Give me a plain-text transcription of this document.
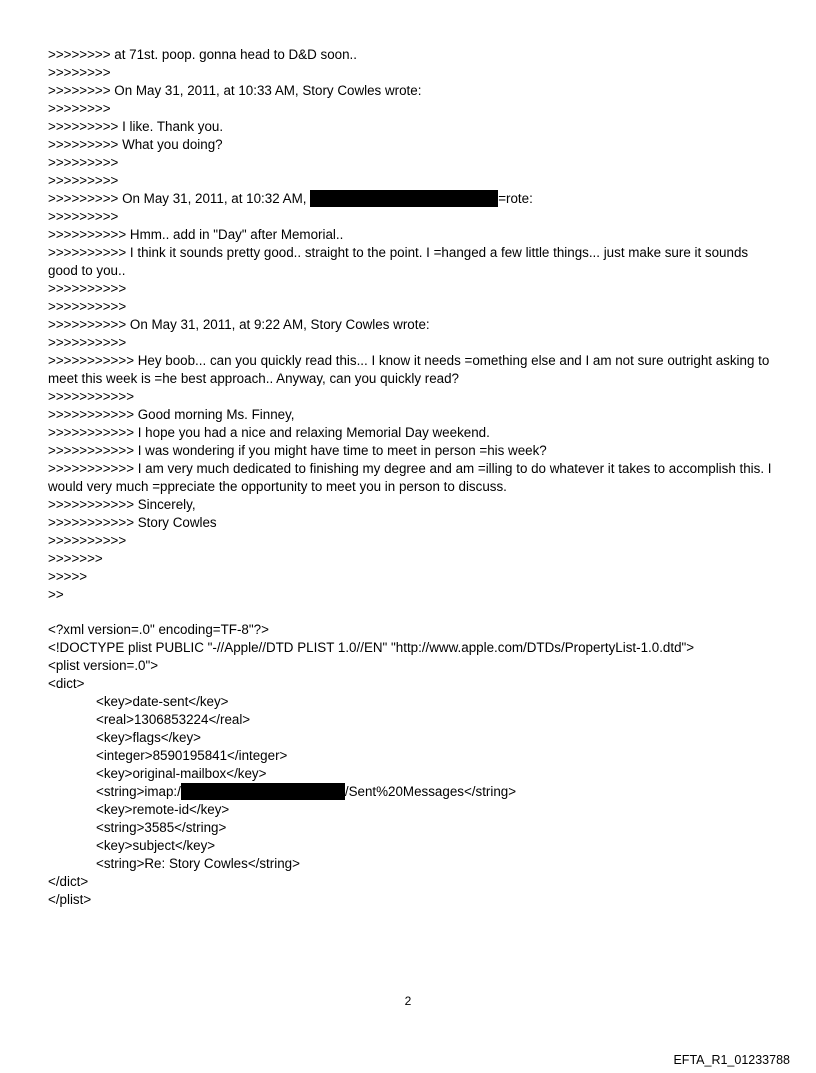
>>>>>>>> at 71st. poop. gonna head to D&D soon..
>>>>>>>>
>>>>>>>> On May 31, 2011, at 10:33 AM, Story Cowles wrote:
>>>>>>>>
>>>>>>>>> I like. Thank you.
>>>>>>>>> What you doing?
>>>>>>>>>
>>>>>>>>>
>>>>>>>>> On May 31, 2011, at 10:32 AM,	=rote:
>>>>>>>>>
>>>>>>>>>> Hmm.. add in "Day" after Memorial..
>>>>>>>>>> I think it sounds pretty good.. straight to the point. I =hanged a few little things... just make sure it sounds good to you..
>>>>>>>>>>
>>>>>>>>>>
>>>>>>>>>> On May 31, 2011, at 9:22 AM, Story Cowles wrote:
>>>>>>>>>>
>>>>>>>>>>> Hey boob... can you quickly read this... I know it needs =omething else and I am not sure outright asking to meet this week is =he best approach.. Anyway, can you quickly read?
>>>>>>>>>>>
>>>>>>>>>>> Good morning Ms. Finney,
>>>>>>>>>>> I hope you had a nice and relaxing Memorial Day weekend.
>>>>>>>>>>> I was wondering if you might have time to meet in person =his week?
>>>>>>>>>>> I am very much dedicated to finishing my degree and am =illing to do whatever it takes to accomplish this. I would very much =ppreciate the opportunity to meet you in person to discuss.
>>>>>>>>>>> Sincerely,
>>>>>>>>>>> Story Cowles
>>>>>>>>>>
>>>>>>>
>>>>>
>>
<?xml version=.0" encoding=TF-8"?>
<!DOCTYPE plist PUBLIC "-//Apple//DTD PLIST 1.0//EN" "http://www.apple.com/DTDs/PropertyList-1.0.dtd">
<plist version=.0">
<dict>
<key>date-sent</key>
<real>1306853224</real>
<key>flags</key>
<integer>8590195841</integer>
<key>original-mailbox</key>
<string>imap:/	/Sent%20Messages</string>
<key>remote-id</key>
<string>3585</string>
<key>subject</key>
<string>Re: Story Cowles</string>
</dict>
</plist>
2
EFTA_R1_01233788
